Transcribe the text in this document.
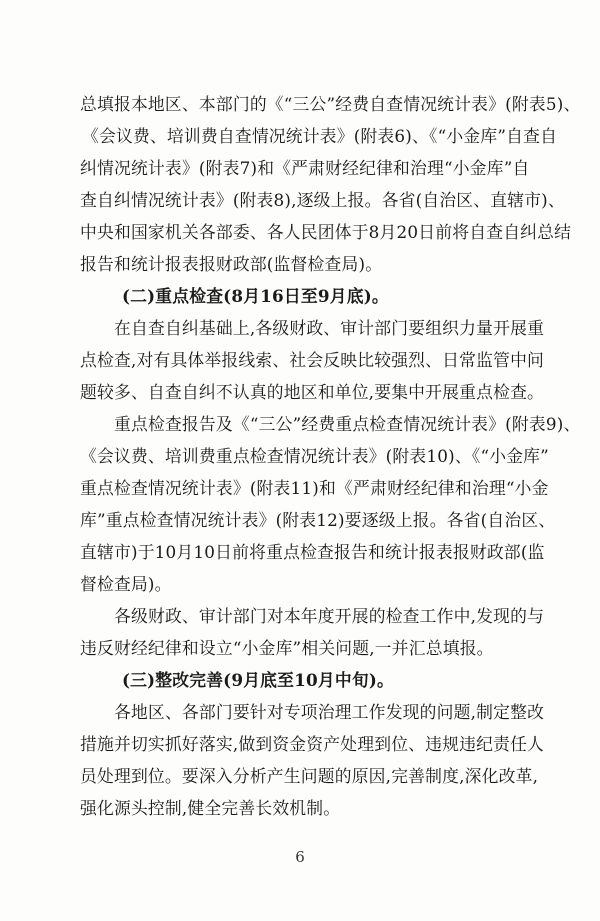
总填报本地区、本部门的《“三公”经费自查情况统计表》(附表5)、
《会议费、培训费自查情况统计表》(附表6)、《“小金库”自查自
纠情况统计表》(附表7)和《严肃财经纪律和治理“小金库”自
查自纠情况统计表》(附表8),逐级上报。各省(自治区、直辖市)、
中央和国家机关各部委、各人民团体于8月20日前将自查自纠总结
报告和统计报表报财政部(监督检查局)。
(二)重点检查(8月16日至9月底)。
在自查自纠基础上,各级财政、审计部门要组织力量开展重
点检查,对有具体举报线索、社会反映比较强烈、日常监管中问
题较多、自查自纠不认真的地区和单位,要集中开展重点检查。
重点检查报告及《“三公”经费重点检查情况统计表》(附表9)、
《会议费、培训费重点检查情况统计表》(附表10)、《“小金库”
重点检查情况统计表》(附表11)和《严肃财经纪律和治理“小金
库”重点检查情况统计表》(附表12)要逐级上报。各省(自治区、
直辖市)于10月10日前将重点检查报告和统计报表报财政部(监
督检查局)。
各级财政、审计部门对本年度开展的检查工作中,发现的与
违反财经纪律和设立“小金库”相关问题,一并汇总填报。
(三)整改完善(9月底至10月中旬)。
各地区、各部门要针对专项治理工作发现的问题,制定整改
措施并切实抓好落实,做到资金资产处理到位、违规违纪责任人
员处理到位。要深入分析产生问题的原因,完善制度,深化改革,
强化源头控制,健全完善长效机制。
6
